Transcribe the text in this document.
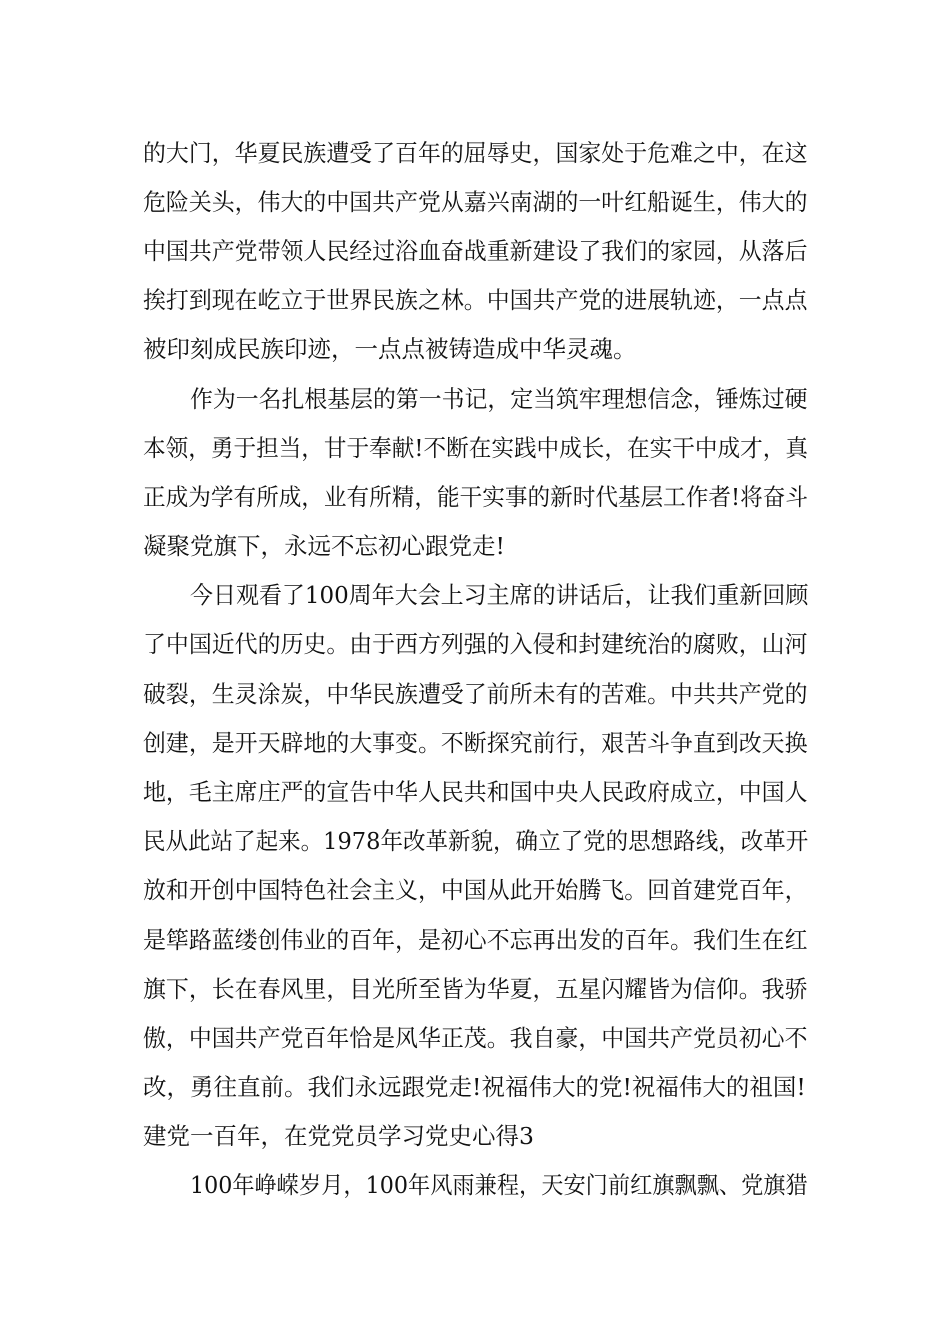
的大门，华夏民族遭受了百年的屈辱史，国家处于危难之中，在这
危险关头，伟大的中国共产党从嘉兴南湖的一叶红船诞生，伟大的
中国共产党带领人民经过浴血奋战重新建设了我们的家园，从落后
挨打到现在屹立于世界民族之林。中国共产党的进展轨迹，一点点
被印刻成民族印迹，一点点被铸造成中华灵魂。
作为一名扎根基层的第一书记，定当筑牢理想信念，锤炼过硬
本领，勇于担当，甘于奉献!不断在实践中成长，在实干中成才，真
正成为学有所成，业有所精，能干实事的新时代基层工作者!将奋斗
凝聚党旗下，永远不忘初心跟党走!
今日观看了100周年大会上习主席的讲话后，让我们重新回顾
了中国近代的历史。由于西方列强的入侵和封建统治的腐败，山河
破裂，生灵涂炭，中华民族遭受了前所未有的苦难。中共共产党的
创建，是开天辟地的大事变。不断探究前行，艰苦斗争直到改天换
地，毛主席庄严的宣告中华人民共和国中央人民政府成立，中国人
民从此站了起来。1978年改革新貌，确立了党的思想路线，改革开
放和开创中国特色社会主义，中国从此开始腾飞。回首建党百年，
是筚路蓝缕创伟业的百年，是初心不忘再出发的百年。我们生在红
旗下，长在春风里，目光所至皆为华夏，五星闪耀皆为信仰。我骄
傲，中国共产党百年恰是风华正茂。我自豪，中国共产党员初心不
改，勇往直前。我们永远跟党走!祝福伟大的党!祝福伟大的祖国!
建党一百年，在党党员学习党史心得3
100年峥嵘岁月，100年风雨兼程，天安门前红旗飘飘、党旗猎
